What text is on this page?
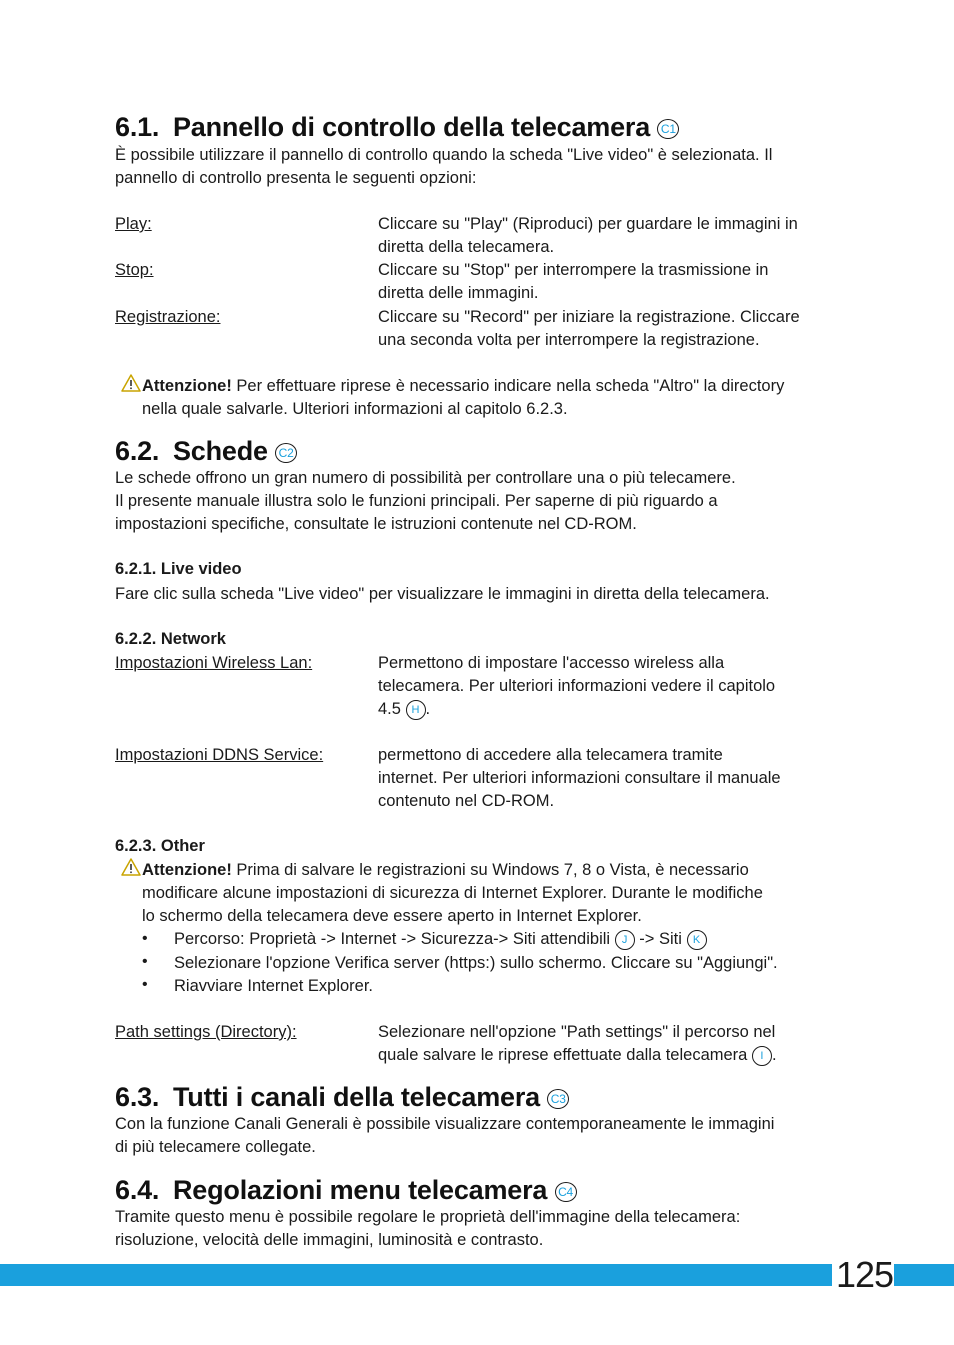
6.1. Pannello di controllo della telecamera C1
È possibile utilizzare il pannello di controllo quando la scheda "Live video" è selezionata. Il
pannello di controllo presenta le seguenti opzioni:
Play:	Cliccare su "Play" (Riproduci) per guardare le immagini in
diretta della telecamera.
Stop:	Cliccare su "Stop" per interrompere la trasmissione in
diretta delle immagini.
Registrazione:	Cliccare su "Record" per iniziare la registrazione. Cliccare
una seconda volta per interrompere la registrazione.
Attenzione! Per effettuare riprese è necessario indicare nella scheda "Altro" la directory
nella quale salvarle. Ulteriori informazioni al capitolo 6.2.3.
6.2. Schede C2
Le schede offrono un gran numero di possibilità per controllare una o più telecamere.
Il presente manuale illustra solo le funzioni principali. Per saperne di più riguardo a
impostazioni specifiche, consultate le istruzioni contenute nel CD-ROM.
6.2.1. Live video
Fare clic sulla scheda "Live video" per visualizzare le immagini in diretta della telecamera.
6.2.2. Network
Impostazioni Wireless Lan:	Permettono di impostare l'accesso wireless alla
telecamera. Per ulteriori informazioni vedere il capitolo
4.5 H .
Impostazioni DDNS Service:	permettono di accedere alla telecamera tramite
internet. Per ulteriori informazioni consultare il manuale
contenuto nel CD-ROM.
6.2.3. Other
Attenzione! Prima di salvare le registrazioni su Windows 7, 8 o Vista, è necessario
modificare alcune impostazioni di sicurezza di Internet Explorer. Durante le modifiche
lo schermo della telecamera deve essere aperto in Internet Explorer.
• Percorso: Proprietà -> Internet -> Sicurezza-> Siti attendibili J -> Siti K
• Selezionare l'opzione Verifica server (https:) sullo schermo. Cliccare su "Aggiungi".
• Riavviare Internet Explorer.
Path settings (Directory):	Selezionare nell'opzione "Path settings" il percorso nel
quale salvare le riprese effettuate dalla telecamera I .
6.3. Tutti i canali della telecamera C3
Con la funzione Canali Generali è possibile visualizzare contemporaneamente le immagini
di più telecamere collegate.
6.4. Regolazioni menu telecamera C4
Tramite questo menu è possibile regolare le proprietà dell'immagine della telecamera:
risoluzione, velocità delle immagini, luminosità e contrasto.
125
